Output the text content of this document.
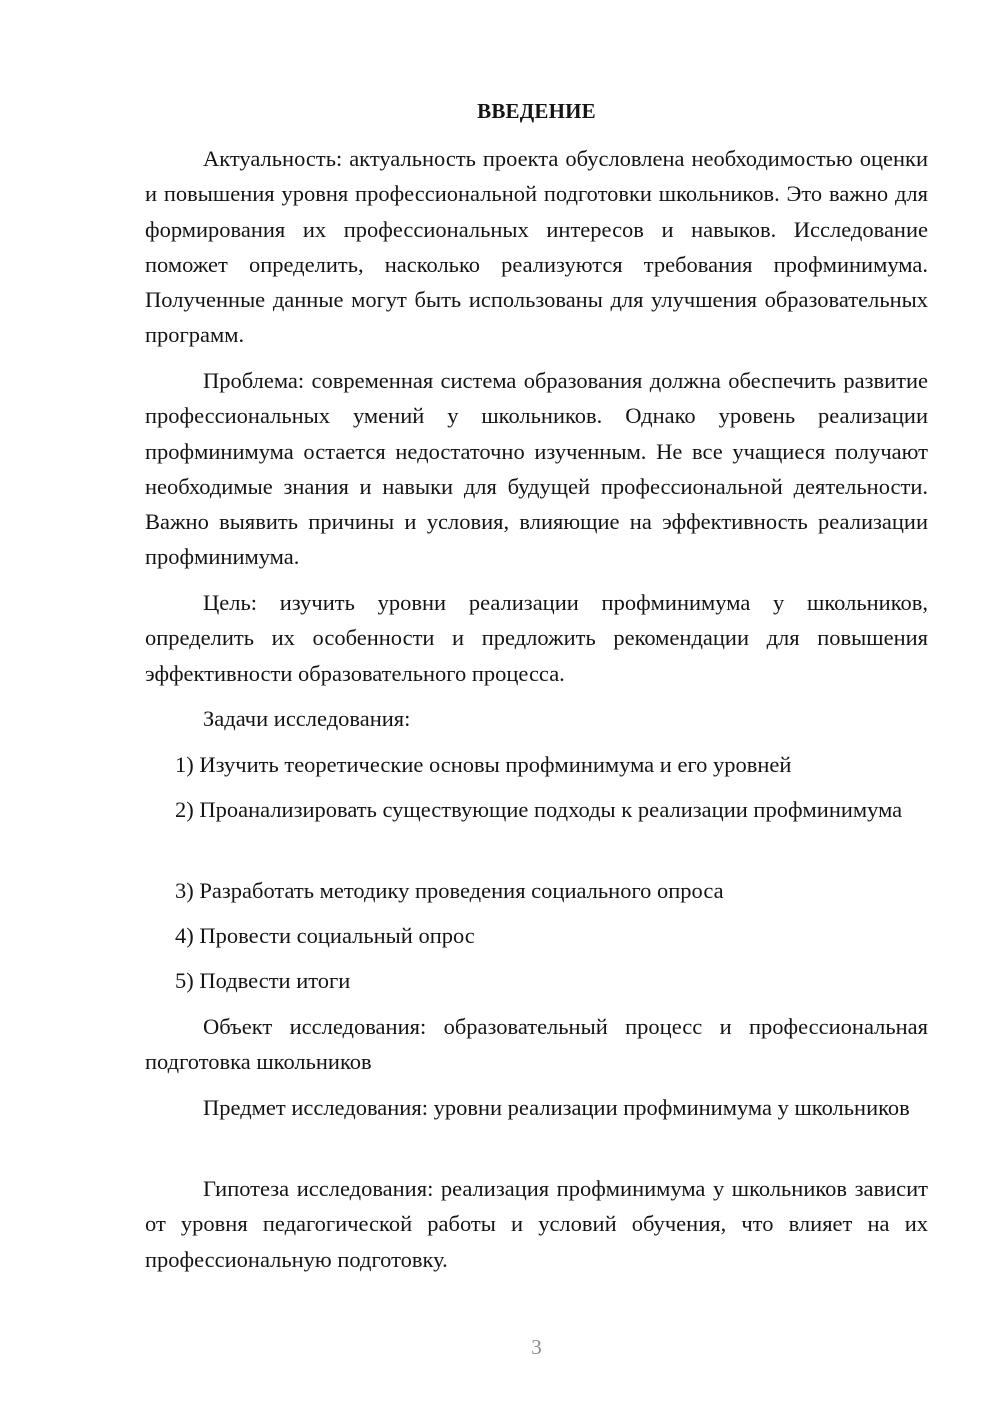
ВВЕДЕНИЕ

Актуальность: актуальность проекта обусловлена необходимостью оценки и повышения уровня профессиональной подготовки школьников. Это важно для формирования их профессиональных интересов и навыков. Исследование поможет определить, насколько реализуются требования профминимума. Полученные данные могут быть использованы для улучшения образовательных программ.

Проблема: современная система образования должна обеспечить развитие профессиональных умений у школьников. Однако уровень реализации профминимума остается недостаточно изученным. Не все учащиеся получают необходимые знания и навыки для будущей профессиональной деятельности. Важно выявить причины и условия, влияющие на эффективность реализации профминимума.

Цель: изучить уровни реализации профминимума у школьников, определить их особенности и предложить рекомендации для повышения эффективности образовательного процесса.

Задачи исследования:

1) Изучить теоретические основы профминимума и его уровней

2) Проанализировать существующие подходы к реализации профминимума

3) Разработать методику проведения социального опроса

4) Провести социальный опрос

5) Подвести итоги

Объект исследования: образовательный процесс и профессиональная подготовка школьников

Предмет исследования: уровни реализации профминимума у школьников

Гипотеза исследования: реализация профминимума у школьников зависит от уровня педагогической работы и условий обучения, что влияет на их профессиональную подготовку.

3
